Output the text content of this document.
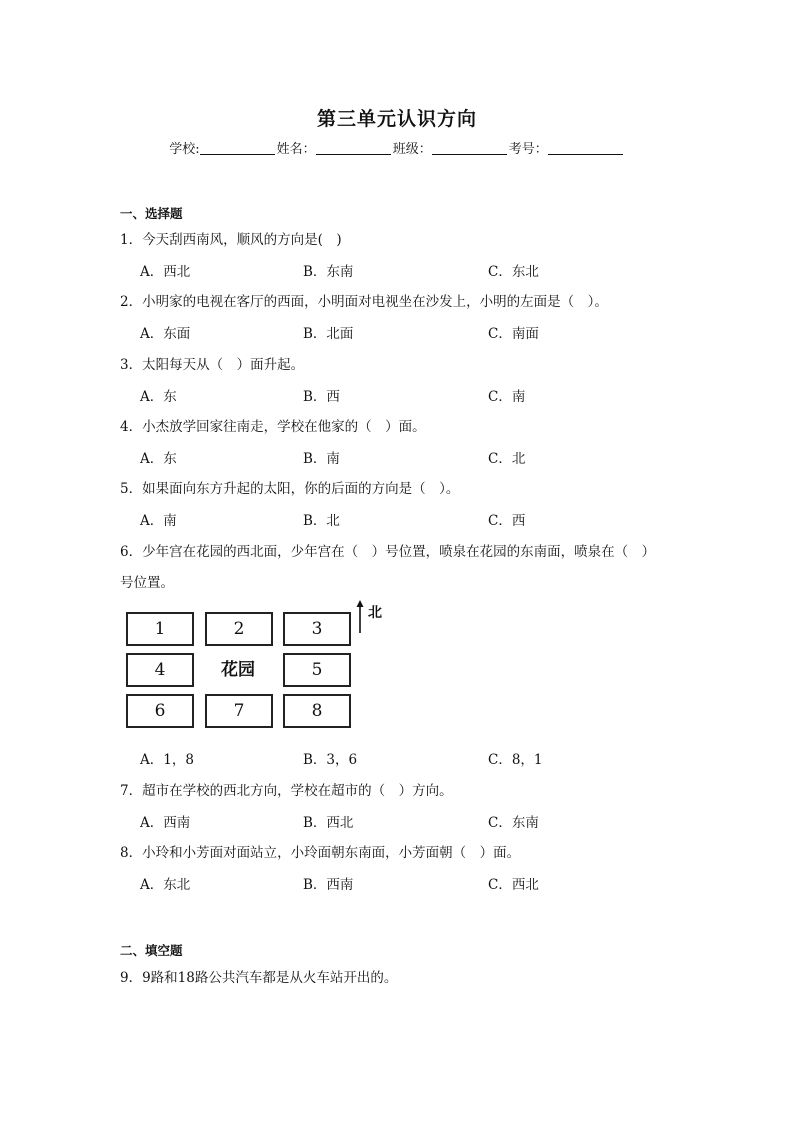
第三单元认识方向
学校:	姓名：	班级：	考号：
一、选择题
1．今天刮西南风，顺风的方向是(　)
A．西北	B．东南	C．东北
2．小明家的电视在客厅的西面，小明面对电视坐在沙发上，小明的左面是（　）。
A．东面	B．北面	C．南面
3．太阳每天从（　）面升起。
A．东	B．西	C．南
4．小杰放学回家往南走，学校在他家的（　）面。
A．东	B．南	C．北
5．如果面向东方升起的太阳，你的后面的方向是（　）。
A．南	B．北	C．西
6．少年宫在花园的西北面，少年宫在（　）号位置，喷泉在花园的东南面，喷泉在（　）
号位置。
1	2	3
4	花园	5
6	7	8
北
A．1，8	B．3，6	C．8，1
7．超市在学校的西北方向，学校在超市的（　）方向。
A．西南	B．西北	C．东南
8．小玲和小芳面对面站立，小玲面朝东南面，小芳面朝（　）面。
A．东北	B．西南	C．西北
二、填空题
9．9路和18路公共汽车都是从火车站开出的。
